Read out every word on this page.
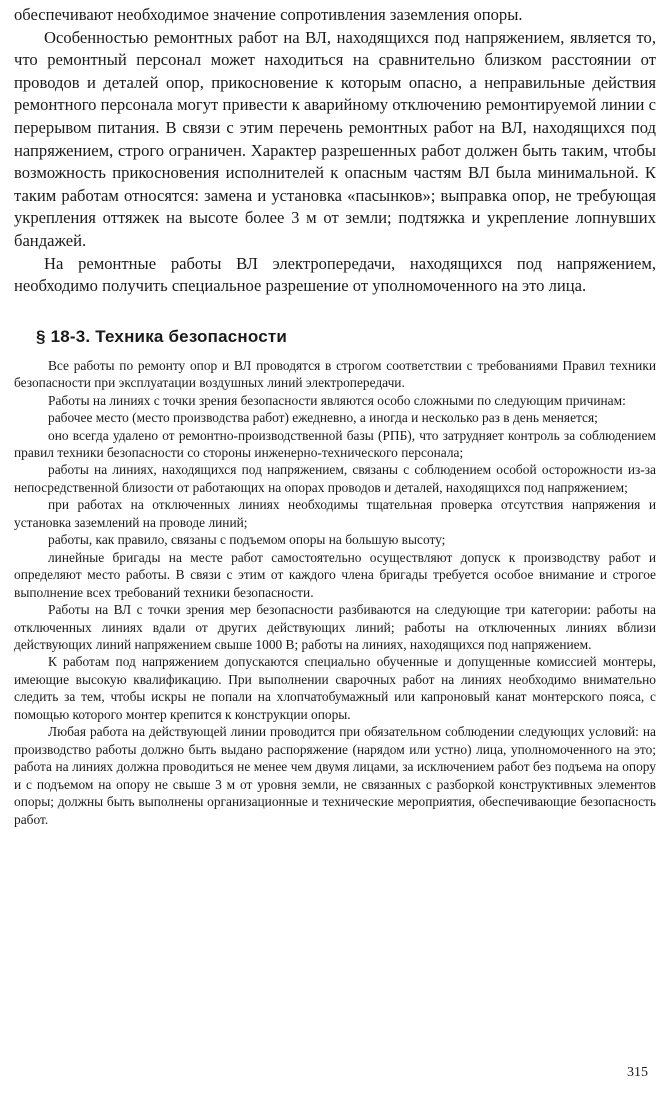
обеспечивают необходимое значение сопротивления заземления опоры.

Особенностью ремонтных работ на ВЛ, находящихся под напряжением, является то, что ремонтный персонал может находиться на сравнительно близком расстоянии от проводов и деталей опор, прикосновение к которым опасно, а неправильные действия ремонтного персонала могут привести к аварийному отключению ремонтируемой линии с перерывом питания. В связи с этим перечень ремонтных работ на ВЛ, находящихся под напряжением, строго ограничен. Характер разрешенных работ должен быть таким, чтобы возможность прикосновения исполнителей к опасным частям ВЛ была минимальной. К таким работам относятся: замена и установка «пасынков»; выправка опор, не требующая укрепления оттяжек на высоте более 3 м от земли; подтяжка и укрепление лопнувших бандажей.

На ремонтные работы ВЛ электропередачи, находящихся под напряжением, необходимо получить специальное разрешение от уполномоченного на это лица.

§ 18-3. Техника безопасности

Все работы по ремонту опор и ВЛ проводятся в строгом соответствии с требованиями Правил техники безопасности при эксплуатации воздушных линий электропередачи.

Работы на линиях с точки зрения безопасности являются особо сложными по следующим причинам:

рабочее место (место производства работ) ежедневно, а иногда и несколько раз в день меняется;

оно всегда удалено от ремонтно-производственной базы (РПБ), что затрудняет контроль за соблюдением правил техники безопасности со стороны инженерно-технического персонала;

работы на линиях, находящихся под напряжением, связаны с соблюдением особой осторожности из-за непосредственной близости от работающих на опорах проводов и деталей, находящихся под напряжением;

при работах на отключенных линиях необходимы тщательная проверка отсутствия напряжения и установка заземлений на проводе линий;

работы, как правило, связаны с подъемом опоры на большую высоту;

линейные бригады на месте работ самостоятельно осуществляют допуск к производству работ и определяют место работы. В связи с этим от каждого члена бригады требуется особое внимание и строгое выполнение всех требований техники безопасности.

Работы на ВЛ с точки зрения мер безопасности разбиваются на следующие три категории: работы на отключенных линиях вдали от других действующих линий; работы на отключенных линиях вблизи действующих линий напряжением свыше 1000 В; работы на линиях, находящихся под напряжением.

К работам под напряжением допускаются специально обученные и допущенные комиссией монтеры, имеющие высокую квалификацию. При выполнении сварочных работ на линиях необходимо внимательно следить за тем, чтобы искры не попали на хлопчатобумажный или капроновый канат монтерского пояса, с помощью которого монтер крепится к конструкции опоры.

Любая работа на действующей линии проводится при обязательном соблюдении следующих условий: на производство работы должно быть выдано распоряжение (нарядом или устно) лица, уполномоченного на это; работа на линиях должна проводиться не менее чем двумя лицами, за исключением работ без подъема на опору и с подъемом на опору не свыше 3 м от уровня земли, не связанных с разборкой конструктивных элементов опоры; должны быть выполнены организационные и технические мероприятия, обеспечивающие безопасность работ.

315
